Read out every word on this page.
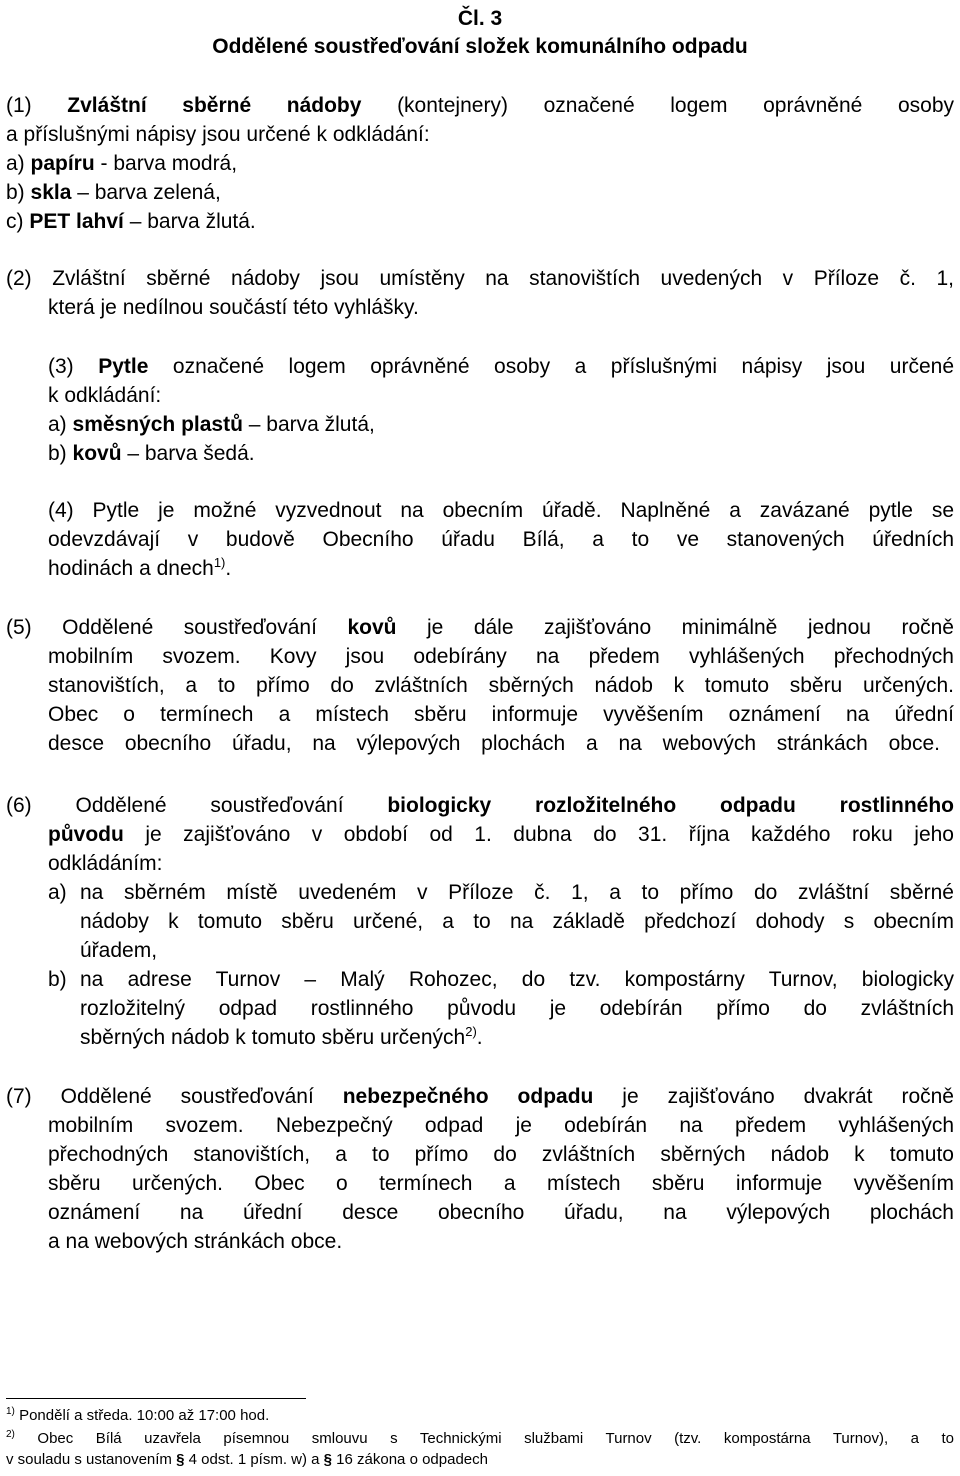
Čl. 3
Oddělené soustřeďování složek komunálního odpadu
(1) Zvláštní sběrné nádoby (kontejnery) označené logem oprávněné osoby
a příslušnými nápisy jsou určené k odkládání:
a) papíru - barva modrá,
b) skla – barva zelená,
c) PET lahví – barva žlutá.
(2) Zvláštní sběrné nádoby jsou umístěny na stanovištích uvedených v Příloze č. 1,
která je nedílnou součástí této vyhlášky.
(3) Pytle označené logem oprávněné osoby a příslušnými nápisy jsou určené
k odkládání:
a) směsných plastů – barva žlutá,
b) kovů – barva šedá.
(4) Pytle je možné vyzvednout na obecním úřadě. Naplněné a zavázané pytle se
odevzdávají v budově Obecního úřadu Bílá, a to ve stanovených úředních
hodinách a dnech$^{1)}$.
(5) Oddělené soustřeďování kovů je dále zajišťováno minimálně jednou ročně
mobilním svozem. Kovy jsou odebírány na předem vyhlášených přechodných
stanovištích, a to přímo do zvláštních sběrných nádob k tomuto sběru určených.
Obec o termínech a místech sběru informuje vyvěšením oznámení na úřední
desce obecního úřadu, na výlepových plochách a na webových stránkách obce.
(6) Oddělené soustřeďování biologicky rozložitelného odpadu rostlinného
původu je zajišťováno v období od 1. dubna do 31. října každého roku jeho
odkládáním:
a) na sběrném místě uvedeném v Příloze č. 1, a to přímo do zvláštní sběrné
nádoby k tomuto sběru určené, a to na základě předchozí dohody s obecním
úřadem,
b) na adrese Turnov – Malý Rohozec, do tzv. kompostárny Turnov, biologicky
rozložitelný odpad rostlinného původu je odebírán přímo do zvláštních
sběrných nádob k tomuto sběru určených$^{2)}$.
(7) Oddělené soustřeďování nebezpečného odpadu je zajišťováno dvakrát ročně
mobilním svozem. Nebezpečný odpad je odebírán na předem vyhlášených
přechodných stanovištích, a to přímo do zvláštních sběrných nádob k tomuto
sběru určených. Obec o termínech a místech sběru informuje vyvěšením
oznámení na úřední desce obecního úřadu, na výlepových plochách
a na webových stránkách obce.
$^{1)}$ Pondělí a středa. 10:00 až 17:00 hod.
$^{2)}$ Obec Bílá uzavřela písemnou smlouvu s Technickými službami Turnov (tzv. kompostárna Turnov), a to
v souladu s ustanovením § 4 odst. 1 písm. w) a § 16 zákona o odpadech
